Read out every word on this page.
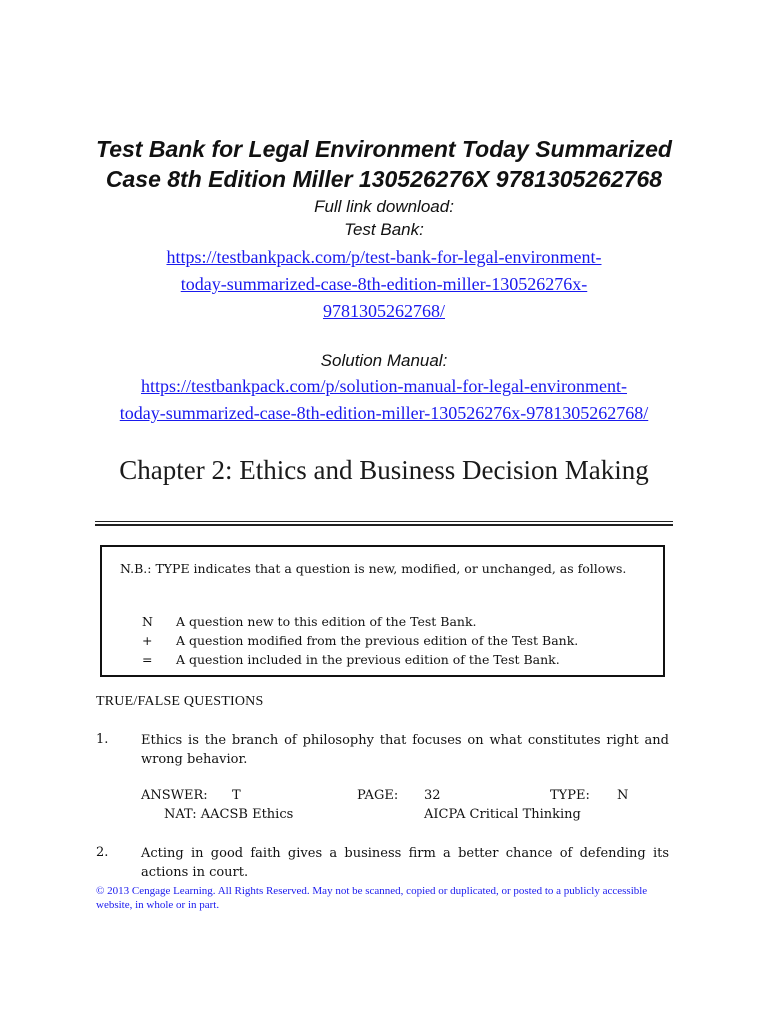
Test Bank for Legal Environment Today Summarized
Case 8th Edition Miller 130526276X 9781305262768
Full link download:
Test Bank:
https://testbankpack.com/p/test-bank-for-legal-environment-
today-summarized-case-8th-edition-miller-130526276x-
9781305262768/
Solution Manual:
https://testbankpack.com/p/solution-manual-for-legal-environment-
today-summarized-case-8th-edition-miller-130526276x-9781305262768/
Chapter 2: Ethics and Business Decision Making
N.B.: TYPE indicates that a question is new, modified, or unchanged, as follows.
N	A question new to this edition of the Test Bank.
+	A question modified from the previous edition of the Test Bank.
=	A question included in the previous edition of the Test Bank.
TRUE/FALSE QUESTIONS
1.	Ethics is the branch of philosophy that focuses on what constitutes right and wrong behavior.
ANSWER: T	PAGE: 32	TYPE: N
NAT: AACSB Ethics	AICPA Critical Thinking
2.	Acting in good faith gives a business firm a better chance of defending its actions in court.
© 2013 Cengage Learning. All Rights Reserved. May not be scanned, copied or duplicated, or posted to a publicly accessible website, in whole or in part.
